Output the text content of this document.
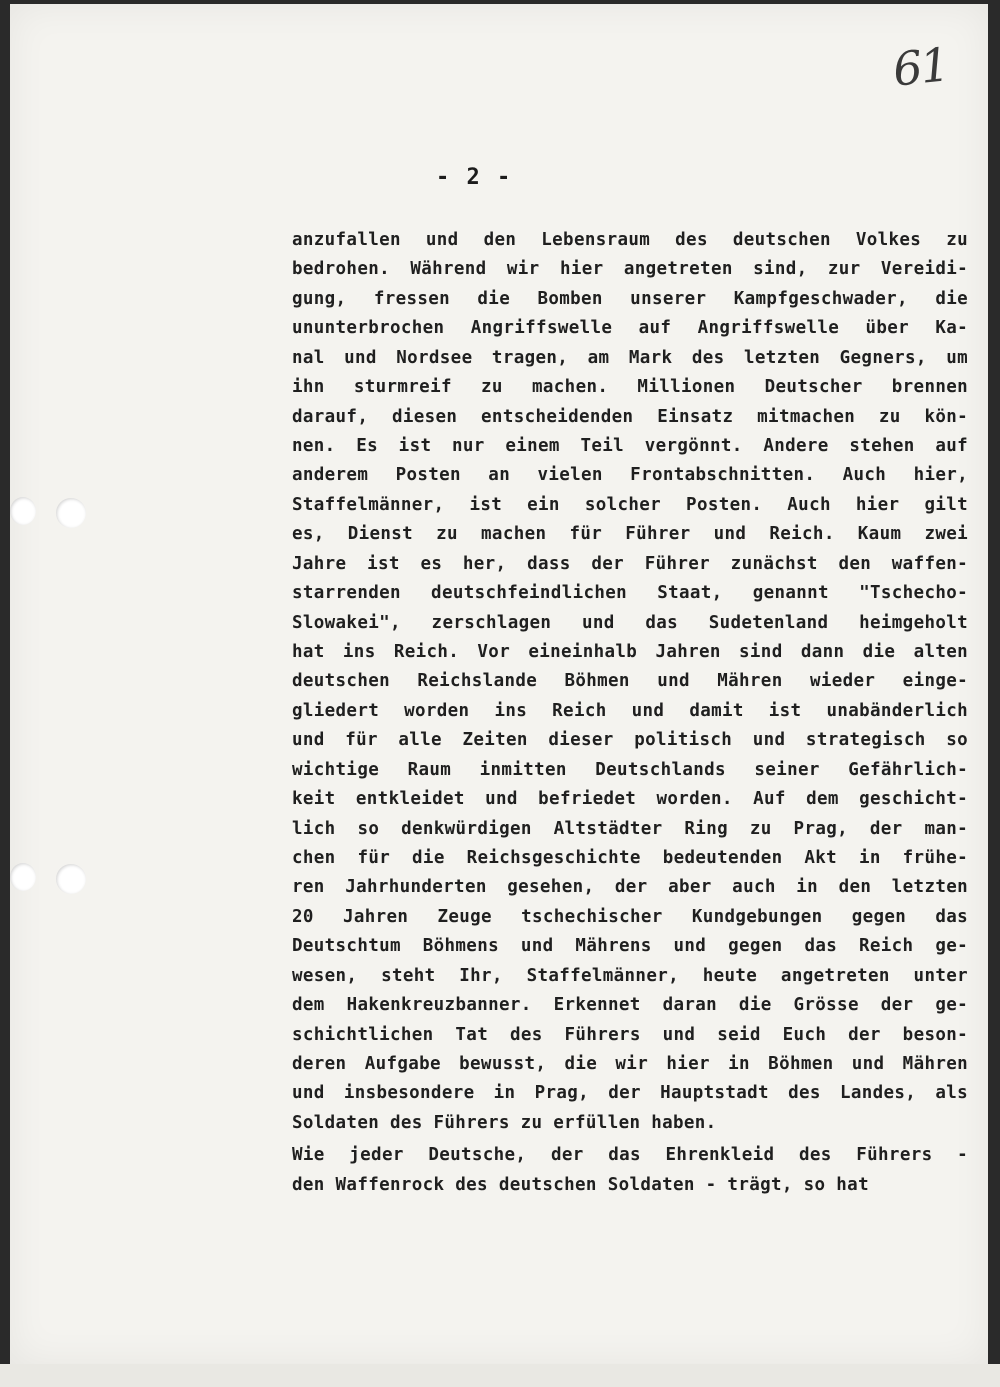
61
- 2 -
anzufallen und den Lebensraum des deutschen Volkes zu
bedrohen. Während wir hier angetreten sind, zur Vereidi-
gung, fressen die Bomben unserer Kampfgeschwader, die
ununterbrochen Angriffswelle auf Angriffswelle über Ka-
nal und Nordsee tragen, am Mark des letzten Gegners, um
ihn sturmreif zu machen. Millionen Deutscher brennen
darauf, diesen entscheidenden Einsatz mitmachen zu kön-
nen. Es ist nur einem Teil vergönnt. Andere stehen auf
anderem Posten an vielen Frontabschnitten. Auch hier,
Staffelmänner, ist ein solcher Posten. Auch hier gilt
es, Dienst zu machen für Führer und Reich. Kaum zwei
Jahre ist es her, dass der Führer zunächst den waffen-
starrenden deutschfeindlichen Staat, genannt "Tschecho-
Slowakei", zerschlagen und das Sudetenland heimgeholt
hat ins Reich. Vor eineinhalb Jahren sind dann die alten
deutschen Reichslande Böhmen und Mähren wieder einge-
gliedert worden ins Reich und damit ist unabänderlich
und für alle Zeiten dieser politisch und strategisch so
wichtige Raum inmitten Deutschlands seiner Gefährlich-
keit entkleidet und befriedet worden. Auf dem geschicht-
lich so denkwürdigen Altstädter Ring zu Prag, der man-
chen für die Reichsgeschichte bedeutenden Akt in frühe-
ren Jahrhunderten gesehen, der aber auch in den letzten
20 Jahren Zeuge tschechischer Kundgebungen gegen das
Deutschtum Böhmens und Mährens und gegen das Reich ge-
wesen, steht Ihr, Staffelmänner, heute angetreten unter
dem Hakenkreuzbanner. Erkennet daran die Grösse der ge-
schichtlichen Tat des Führers und seid Euch der beson-
deren Aufgabe bewusst, die wir hier in Böhmen und Mähren
und insbesondere in Prag, der Hauptstadt des Landes, als
Soldaten des Führers zu erfüllen haben.
Wie jeder Deutsche, der das Ehrenkleid des Führers -
den Waffenrock des deutschen Soldaten - trägt, so hat
